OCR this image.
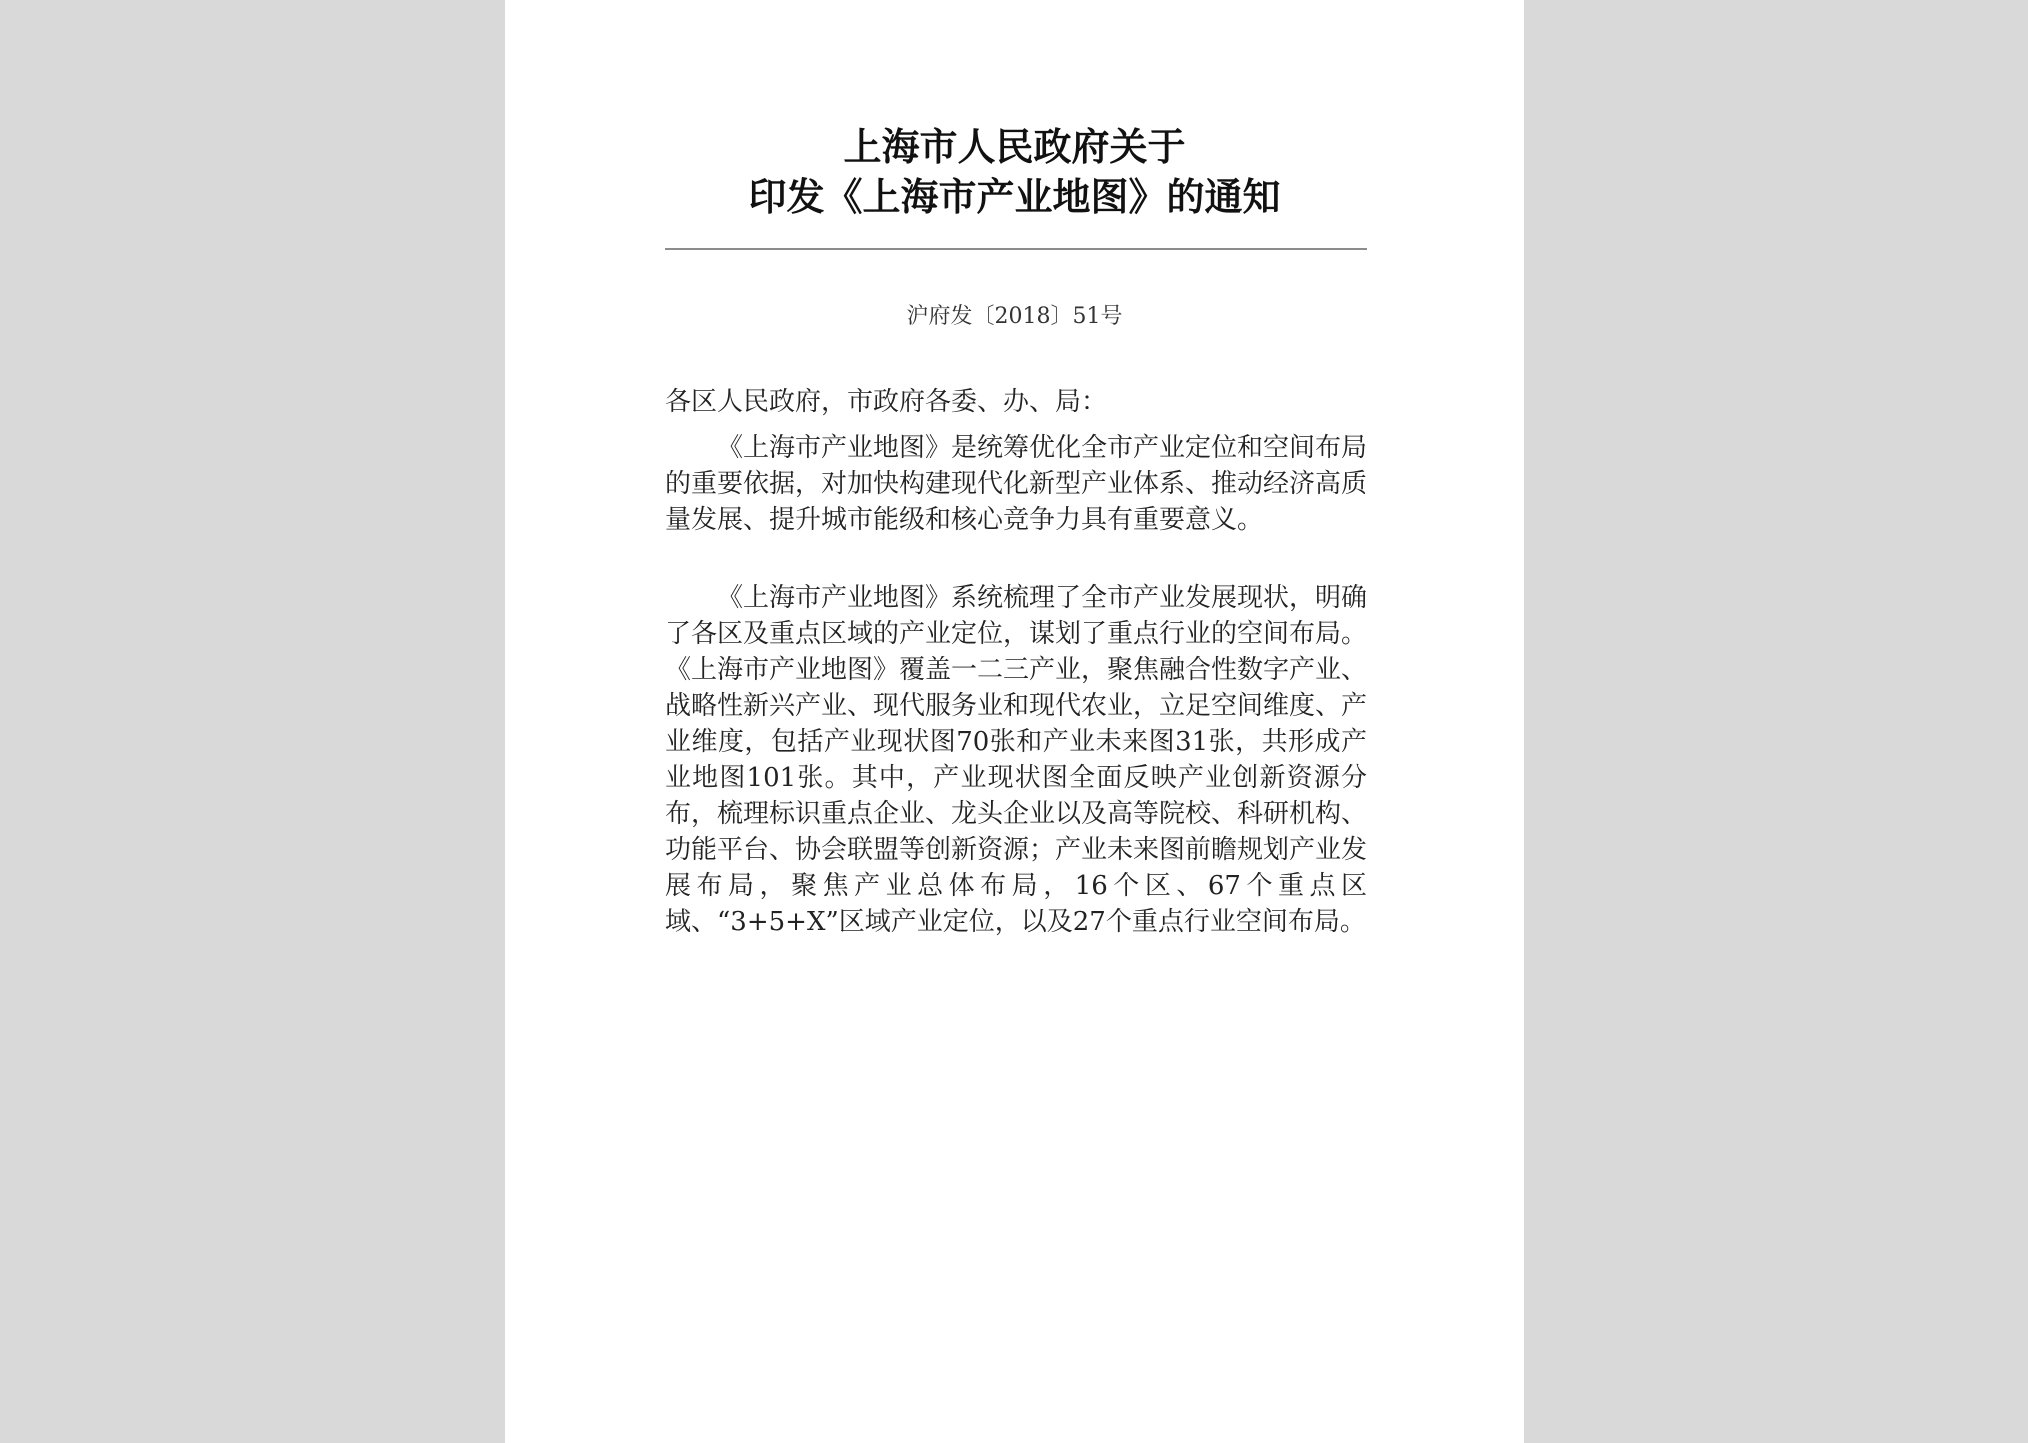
上海市人民政府关于
印发《上海市产业地图》的通知
沪府发〔2018〕51号

各区人民政府，市政府各委、办、局：

《上海市产业地图》是统筹优化全市产业定位和空间布局的重要依据，对加快构建现代化新型产业体系、推动经济高质量发展、提升城市能级和核心竞争力具有重要意义。

《上海市产业地图》系统梳理了全市产业发展现状，明确了各区及重点区域的产业定位，谋划了重点行业的空间布局。《上海市产业地图》覆盖一二三产业，聚焦融合性数字产业、战略性新兴产业、现代服务业和现代农业，立足空间维度、产业维度，包括产业现状图70张和产业未来图31张，共形成产业地图101张。其中，产业现状图全面反映产业创新资源分布，梳理标识重点企业、龙头企业以及高等院校、科研机构、功能平台、协会联盟等创新资源；产业未来图前瞻规划产业发展布局，聚焦产业总体布局，16个区、67个重点区域、“3+5+X”区域产业定位，以及27个重点行业空间布局。
